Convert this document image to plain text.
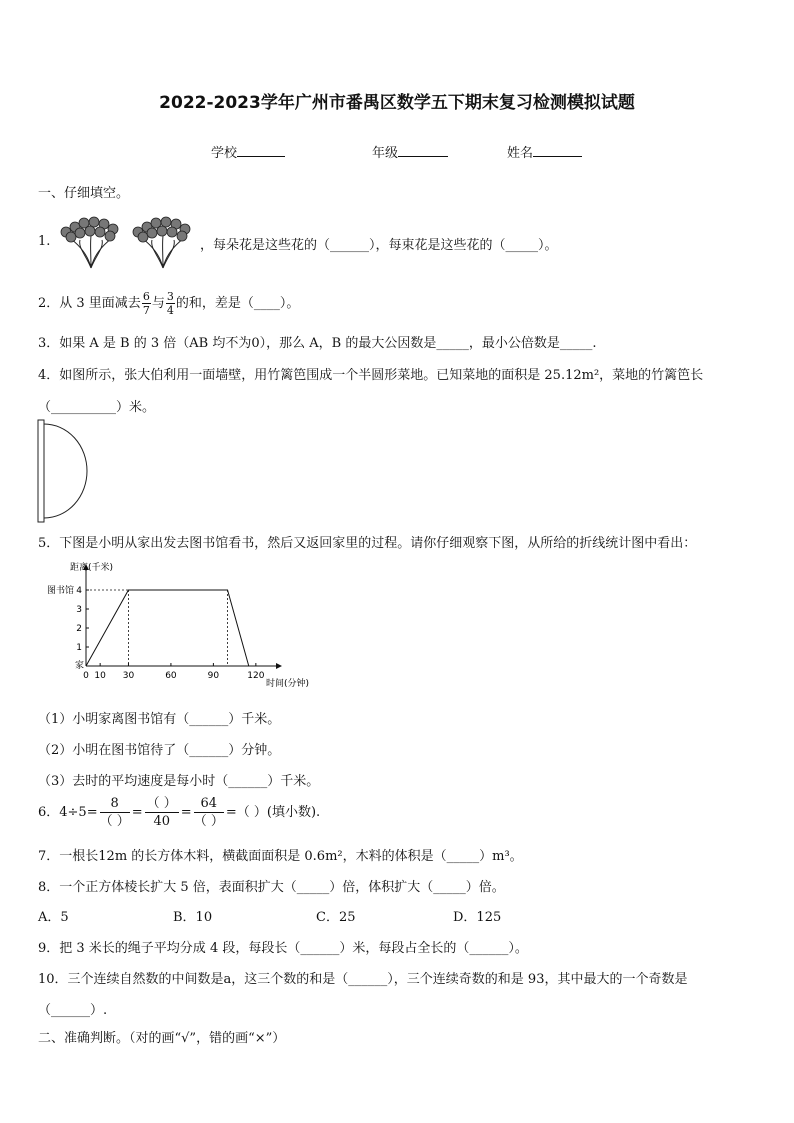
2022-2023学年广州市番禺区数学五下期末复习检测模拟试题
学校	年级	姓名
一、仔细填空。
1.	，每朵花是这些花的（______），每束花是这些花的（_____）。
2．从 3 里面减去 $\frac{6}{7}$ 与 $\frac{3}{4}$ 的和，差是（____）。
3．如果 A 是 B 的 3 倍（AB 均不为0），那么 A，B 的最大公因数是_____，最小公倍数是_____.
4．如图所示，张大伯利用一面墙壁，用竹篱笆围成一个半圆形菜地。已知菜地的面积是 25.12m²，菜地的竹篱笆长
（__________）米。
5．下图是小明从家出发去图书馆看书，然后又返回家里的过程。请你仔细观察下图，从所给的折线统计图中看出：
距离(千米)
时间(分钟)
0 10 30	60	90	120
1
2
3
4
图书馆
家
（1）小明家离图书馆有（______）千米。
（2）小明在图书馆待了（______）分钟。
（3）去时的平均速度是每小时（______）千米。
6．4÷5=
8
（ ）
=
（ ）
40
=
64
（ ）
=（ ）(填小数).
7．一根长12m 的长方体木料，横截面面积是 0.6m²，木料的体积是（_____）m³。
8．一个正方体棱长扩大 5 倍，表面积扩大（_____）倍，体积扩大（_____）倍。
A．5	B．10	C．25	D．125
9．把 3 米长的绳子平均分成 4 段，每段长（______）米，每段占全长的（______）。
10．三个连续自然数的中间数是a，这三个数的和是（______），三个连续奇数的和是 93，其中最大的一个奇数是
（______）.
二、准确判断。（对的画“√”，错的画“×”）
